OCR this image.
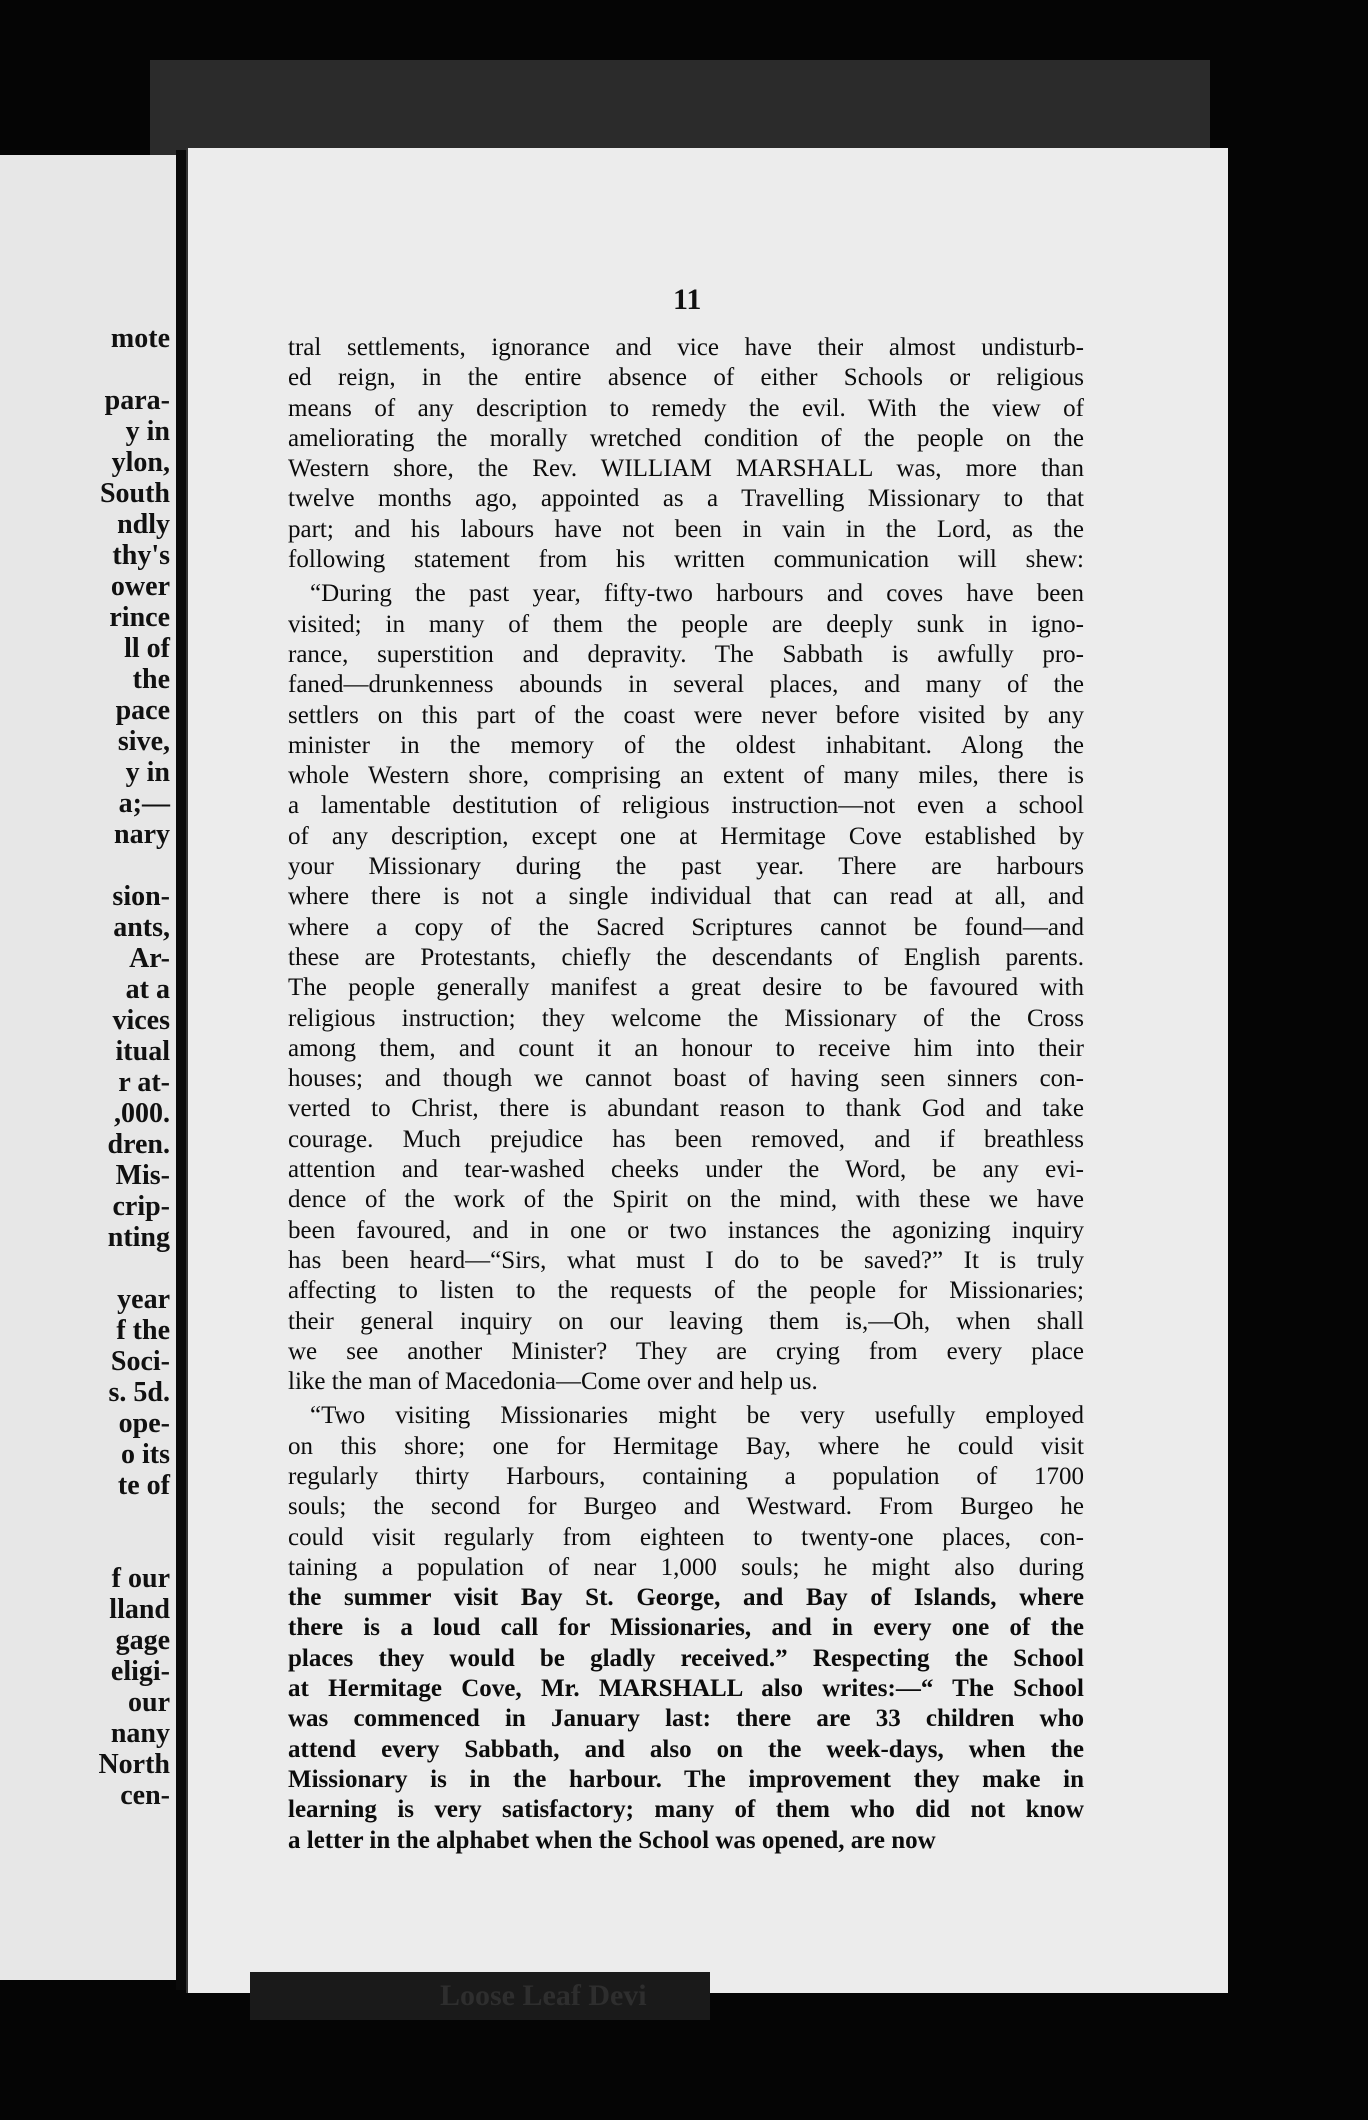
mote
para-
y in
ylon,
South
ndly
thy's
ower
rince
ll of
the
pace
sive,
y in
a;—
nary
sion-
ants,
Ar-
at a
vices
itual
r at-
,000.
dren.
Mis-
crip-
nting
year
f the
Soci-
s. 5d.
ope-
o its
te of
f our
lland
gage
eligi-
our
nany
North
cen-
11

tral settlements, ignorance and vice have their almost undisturb-
ed reign, in the entire absence of either Schools or religious
means of any description to remedy the evil. With the view of
ameliorating the morally wretched condition of the people on the
Western shore, the Rev. WILLIAM MARSHALL was, more than
twelve months ago, appointed as a Travelling Missionary to that
part; and his labours have not been in vain in the Lord, as the
following statement from his written communication will shew:

“During the past year, fifty-two harbours and coves have been
visited; in many of them the people are deeply sunk in igno-
rance, superstition and depravity. The Sabbath is awfully pro-
faned—drunkenness abounds in several places, and many of the
settlers on this part of the coast were never before visited by any
minister in the memory of the oldest inhabitant. Along the
whole Western shore, comprising an extent of many miles, there is
a lamentable destitution of religious instruction—not even a school
of any description, except one at Hermitage Cove established by
your Missionary during the past year. There are harbours
where there is not a single individual that can read at all, and
where a copy of the Sacred Scriptures cannot be found—and
these are Protestants, chiefly the descendants of English parents.
The people generally manifest a great desire to be favoured with
religious instruction; they welcome the Missionary of the Cross
among them, and count it an honour to receive him into their
houses; and though we cannot boast of having seen sinners con-
verted to Christ, there is abundant reason to thank God and take
courage. Much prejudice has been removed, and if breathless
attention and tear-washed cheeks under the Word, be any evi-
dence of the work of the Spirit on the mind, with these we have
been favoured, and in one or two instances the agonizing inquiry
has been heard—“Sirs, what must I do to be saved?” It is truly
affecting to listen to the requests of the people for Missionaries;
their general inquiry on our leaving them is,—Oh, when shall
we see another Minister? They are crying from every place
like the man of Macedonia—Come over and help us.

“Two visiting Missionaries might be very usefully employed
on this shore; one for Hermitage Bay, where he could visit
regularly thirty Harbours, containing a population of 1700
souls; the second for Burgeo and Westward. From Burgeo he
could visit regularly from eighteen to twenty-one places, con-
taining a population of near 1,000 souls; he might also during
the summer visit Bay St. George, and Bay of Islands, where
there is a loud call for Missionaries, and in every one of the
places they would be gladly received.” Respecting the School
at Hermitage Cove, Mr. MARSHALL also writes:—“ The School
was commenced in January last: there are 33 children who
attend every Sabbath, and also on the week-days, when the
Missionary is in the harbour. The improvement they make in
learning is very satisfactory; many of them who did not know
a letter in the alphabet when the School was opened, are now

Loose Leaf Devi
